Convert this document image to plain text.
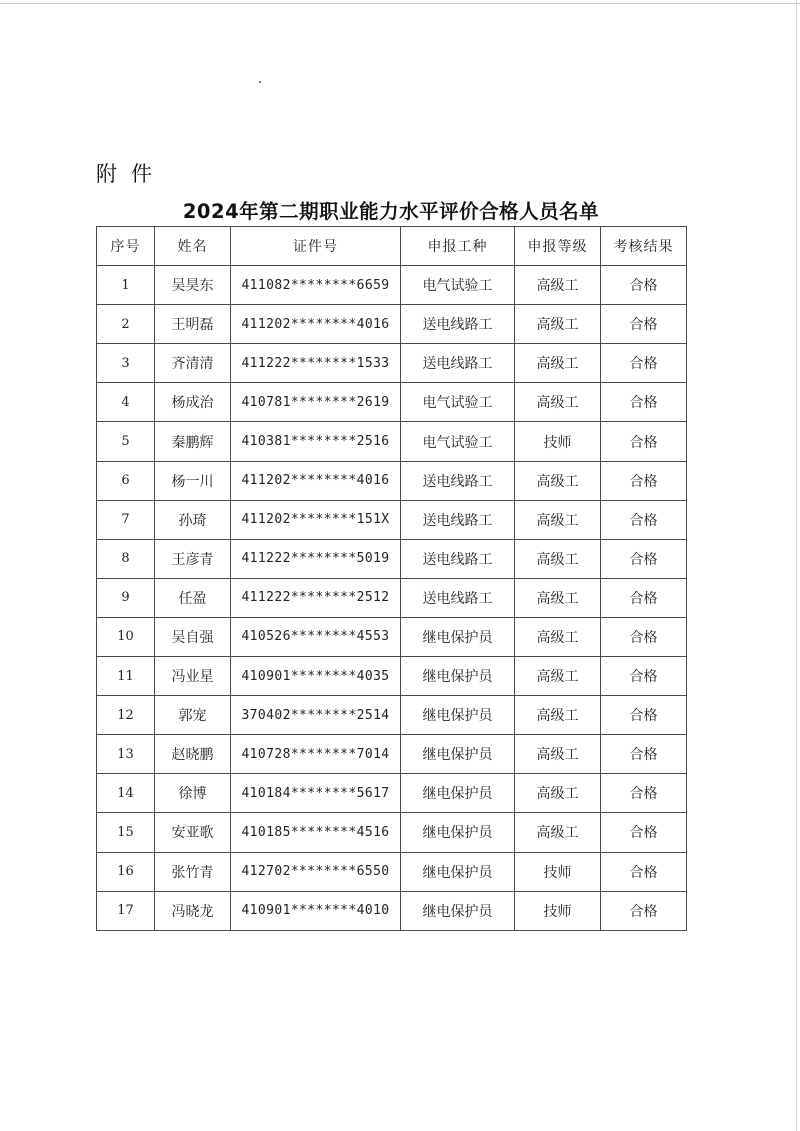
附件
2024年第二期职业能力水平评价合格人员名单
序号	姓名	证件号	申报工种	申报等级	考核结果
1	吴昊东	411082********6659	电气试验工	高级工	合格
2	王明磊	411202********4016	送电线路工	高级工	合格
3	齐清清	411222********1533	送电线路工	高级工	合格
4	杨成治	410781********2619	电气试验工	高级工	合格
5	秦鹏辉	410381********2516	电气试验工	技师	合格
6	杨一川	411202********4016	送电线路工	高级工	合格
7	孙琦	411202********151X	送电线路工	高级工	合格
8	王彦青	411222********5019	送电线路工	高级工	合格
9	任盈	411222********2512	送电线路工	高级工	合格
10	吴自强	410526********4553	继电保护员	高级工	合格
11	冯业星	410901********4035	继电保护员	高级工	合格
12	郭宠	370402********2514	继电保护员	高级工	合格
13	赵晓鹏	410728********7014	继电保护员	高级工	合格
14	徐博	410184********5617	继电保护员	高级工	合格
15	安亚歌	410185********4516	继电保护员	高级工	合格
16	张竹青	412702********6550	继电保护员	技师	合格
17	冯晓龙	410901********4010	继电保护员	技师	合格
